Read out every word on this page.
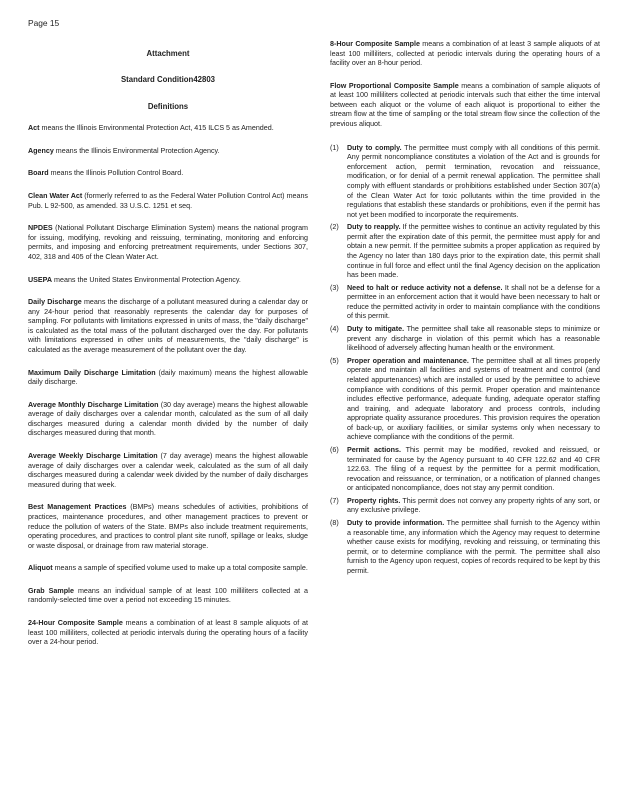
Page 15
Attachment
Standard Condition42803
Definitions

Act means the Illinois Environmental Protection Act, 415 ILCS 5 as Amended.

Agency means the Illinois Environmental Protection Agency.

Board means the Illinois Pollution Control Board.

Clean Water Act (formerly referred to as the Federal Water Pollution Control Act) means Pub. L 92-500, as amended. 33 U.S.C. 1251 et seq.

NPDES (National Pollutant Discharge Elimination System) means the national program for issuing, modifying, revoking and reissuing, terminating, monitoring and enforcing permits, and imposing and enforcing pretreatment requirements, under Sections 307, 402, 318 and 405 of the Clean Water Act.

USEPA means the United States Environmental Protection Agency.

Daily Discharge means the discharge of a pollutant measured during a calendar day or any 24-hour period that reasonably represents the calendar day for purposes of sampling. For pollutants with limitations expressed in units of mass, the "daily discharge" is calculated as the total mass of the pollutant discharged over the day. For pollutants with limitations expressed in other units of measurements, the "daily discharge" is calculated as the average measurement of the pollutant over the day.

Maximum Daily Discharge Limitation (daily maximum) means the highest allowable daily discharge.

Average Monthly Discharge Limitation (30 day average) means the highest allowable average of daily discharges over a calendar month, calculated as the sum of all daily discharges measured during a calendar month divided by the number of daily discharges measured during that month.

Average Weekly Discharge Limitation (7 day average) means the highest allowable average of daily discharges over a calendar week, calculated as the sum of all daily discharges measured during a calendar week divided by the number of daily discharges measured during that week.

Best Management Practices (BMPs) means schedules of activities, prohibitions of practices, maintenance procedures, and other management practices to prevent or reduce the pollution of waters of the State. BMPs also include treatment requirements, operating procedures, and practices to control plant site runoff, spillage or leaks, sludge or waste disposal, or drainage from raw material storage.

Aliquot means a sample of specified volume used to make up a total composite sample.

Grab Sample means an individual sample of at least 100 milliliters collected at a randomly-selected time over a period not exceeding 15 minutes.

24-Hour Composite Sample means a combination of at least 8 sample aliquots of at least 100 milliliters, collected at periodic intervals during the operating hours of a facility over a 24-hour period.

8-Hour Composite Sample means a combination of at least 3 sample aliquots of at least 100 milliliters, collected at periodic intervals during the operating hours of a facility over an 8-hour period.

Flow Proportional Composite Sample means a combination of sample aliquots of at least 100 milliliters collected at periodic intervals such that either the time interval between each aliquot or the volume of each aliquot is proportional to either the stream flow at the time of sampling or the total stream flow since the collection of the previous aliquot.

(1)	Duty to comply. The permittee must comply with all conditions of this permit. Any permit noncompliance constitutes a violation of the Act and is grounds for enforcement action, permit termination, revocation and reissuance, modification, or for denial of a permit renewal application. The permittee shall comply with effluent standards or prohibitions established under Section 307(a) of the Clean Water Act for toxic pollutants within the time provided in the regulations that establish these standards or prohibitions, even if the permit has not yet been modified to incorporate the requirements.
(2)	Duty to reapply. If the permittee wishes to continue an activity regulated by this permit after the expiration date of this permit, the permittee must apply for and obtain a new permit. If the permittee submits a proper application as required by the Agency no later than 180 days prior to the expiration date, this permit shall continue in full force and effect until the final Agency decision on the application has been made.
(3)	Need to halt or reduce activity not a defense. It shall not be a defense for a permittee in an enforcement action that it would have been necessary to halt or reduce the permitted activity in order to maintain compliance with the conditions of this permit.
(4)	Duty to mitigate. The permittee shall take all reasonable steps to minimize or prevent any discharge in violation of this permit which has a reasonable likelihood of adversely affecting human health or the environment.
(5)	Proper operation and maintenance. The permittee shall at all times properly operate and maintain all facilities and systems of treatment and control (and related appurtenances) which are installed or used by the permittee to achieve compliance with conditions of this permit. Proper operation and maintenance includes effective performance, adequate funding, adequate operator staffing and training, and adequate laboratory and process controls, including appropriate quality assurance procedures. This provision requires the operation of back-up, or auxiliary facilities, or similar systems only when necessary to achieve compliance with the conditions of the permit.
(6)	Permit actions. This permit may be modified, revoked and reissued, or terminated for cause by the Agency pursuant to 40 CFR 122.62 and 40 CFR 122.63. The filing of a request by the permittee for a permit modification, revocation and reissuance, or termination, or a notification of planned changes or anticipated noncompliance, does not stay any permit condition.
(7)	Property rights. This permit does not convey any property rights of any sort, or any exclusive privilege.
(8)	Duty to provide information. The permittee shall furnish to the Agency within a reasonable time, any information which the Agency may request to determine whether cause exists for modifying, revoking and reissuing, or terminating this permit, or to determine compliance with the permit. The permittee shall also furnish to the Agency upon request, copies of records required to be kept by this permit.
